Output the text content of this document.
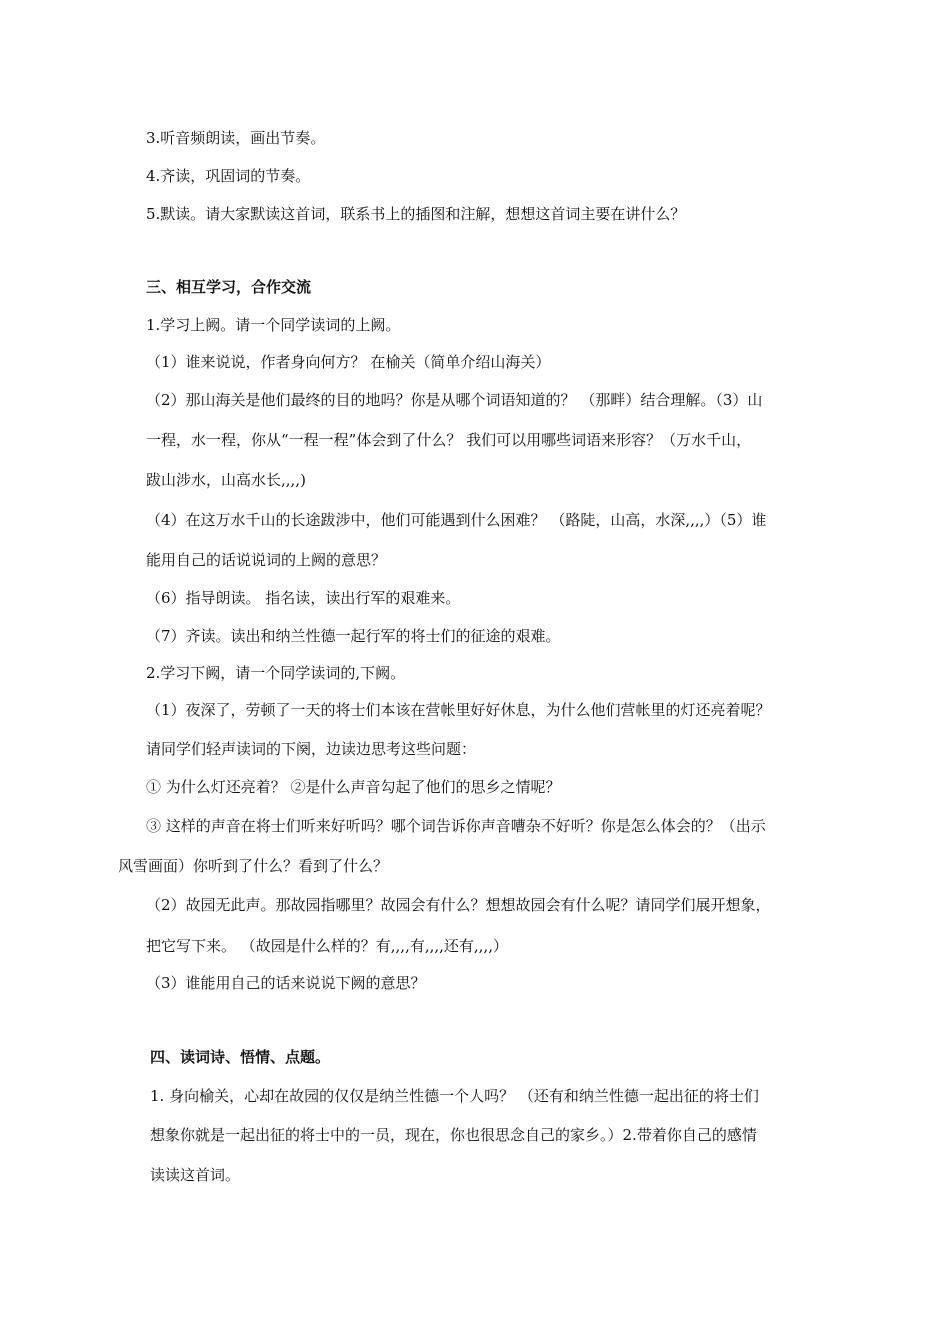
3.听音频朗读，画出节奏。
4.齐读，巩固词的节奏。
5.默读。请大家默读这首词，联系书上的插图和注解，想想这首词主要在讲什么？
三、相互学习，合作交流
1.学习上阙。请一个同学读词的上阙。
（1）谁来说说，作者身向何方？ 在榆关（简单介绍山海关）
（2）那山海关是他们最终的目的地吗？你是从哪个词语知道的？ （那畔）结合理解。（3）山
一程，水一程，你从“一程一程”体会到了什么？ 我们可以用哪些词语来形容？（万水千山，
跋山涉水，山高水长,,,,)
（4）在这万水千山的长途跋涉中，他们可能遇到什么困难？ （路陡，山高，水深,,,,）（5）谁
能用自己的话说说词的上阙的意思？
（6）指导朗读。 指名读，读出行军的艰难来。
（7）齐读。读出和纳兰性德一起行军的将士们的征途的艰难。
2.学习下阙，请一个同学读词的,下阙。
（1）夜深了，劳顿了一天的将士们本该在营帐里好好休息，为什么他们营帐里的灯还亮着呢？
请同学们轻声读词的下阕，边读边思考这些问题：
① 为什么灯还亮着？ ②是什么声音勾起了他们的思乡之情呢？
③ 这样的声音在将士们听来好听吗？哪个词告诉你声音嘈杂不好听？你是怎么体会的？（出示
风雪画面）你听到了什么？看到了什么？
（2）故园无此声。那故园指哪里？故园会有什么？想想故园会有什么呢？请同学们展开想象，
把它写下来。 （故园是什么样的？有,,,,有,,,,还有,,,,）
（3）谁能用自己的话来说说下阙的意思？
四、读词诗、悟情、点题。
1. 身向榆关，心却在故园的仅仅是纳兰性德一个人吗？ （还有和纳兰性德一起出征的将士们
想象你就是一起出征的将士中的一员，现在，你也很思念自己的家乡。）2.带着你自己的感情
读读这首词。
